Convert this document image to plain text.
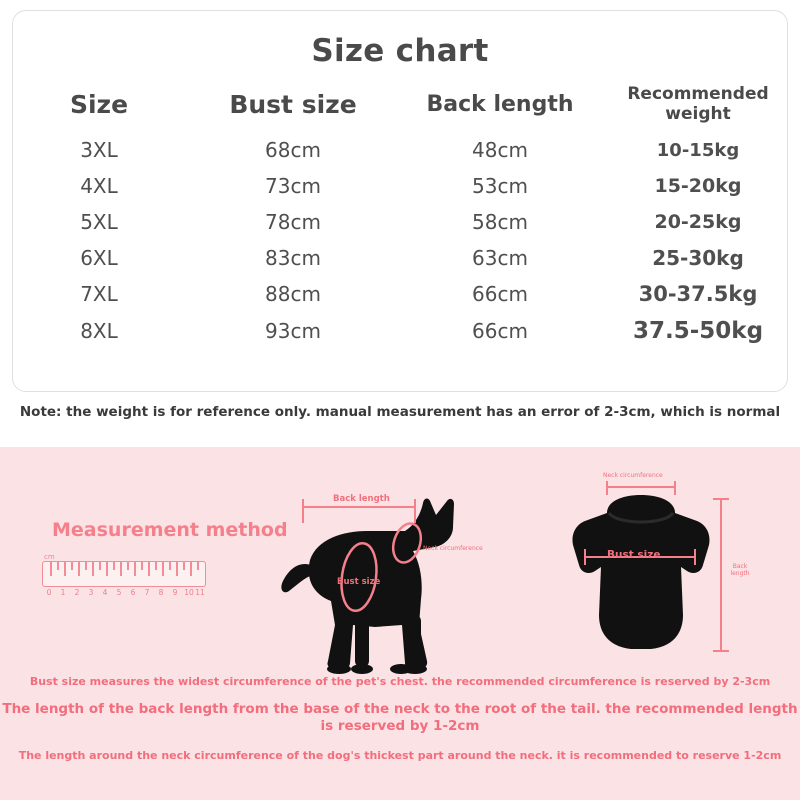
Size chart
Size	Bust size	Back length	Recommended weight
3XL	68cm	48cm	10-15kg
4XL	73cm	53cm	15-20kg
5XL	78cm	58cm	20-25kg
6XL	83cm	63cm	25-30kg
7XL	88cm	66cm	30-37.5kg
8XL	93cm	66cm	37.5-50kg
Note: the weight is for reference only. manual measurement has an error of 2-3cm, which is normal
Measurement method
cm
0 1 2 3 4 5 6 7 8 9 10 11
Back length
Neck circumference
Bust size
Neck circumference
Bust size
Back length
Bust size measures the widest circumference of the pet's chest. the recommended circumference is reserved by 2-3cm
The length of the back length from the base of the neck to the root of the tail. the recommended length is reserved by 1-2cm
The length around the neck circumference of the dog's thickest part around the neck. it is recommended to reserve 1-2cm
